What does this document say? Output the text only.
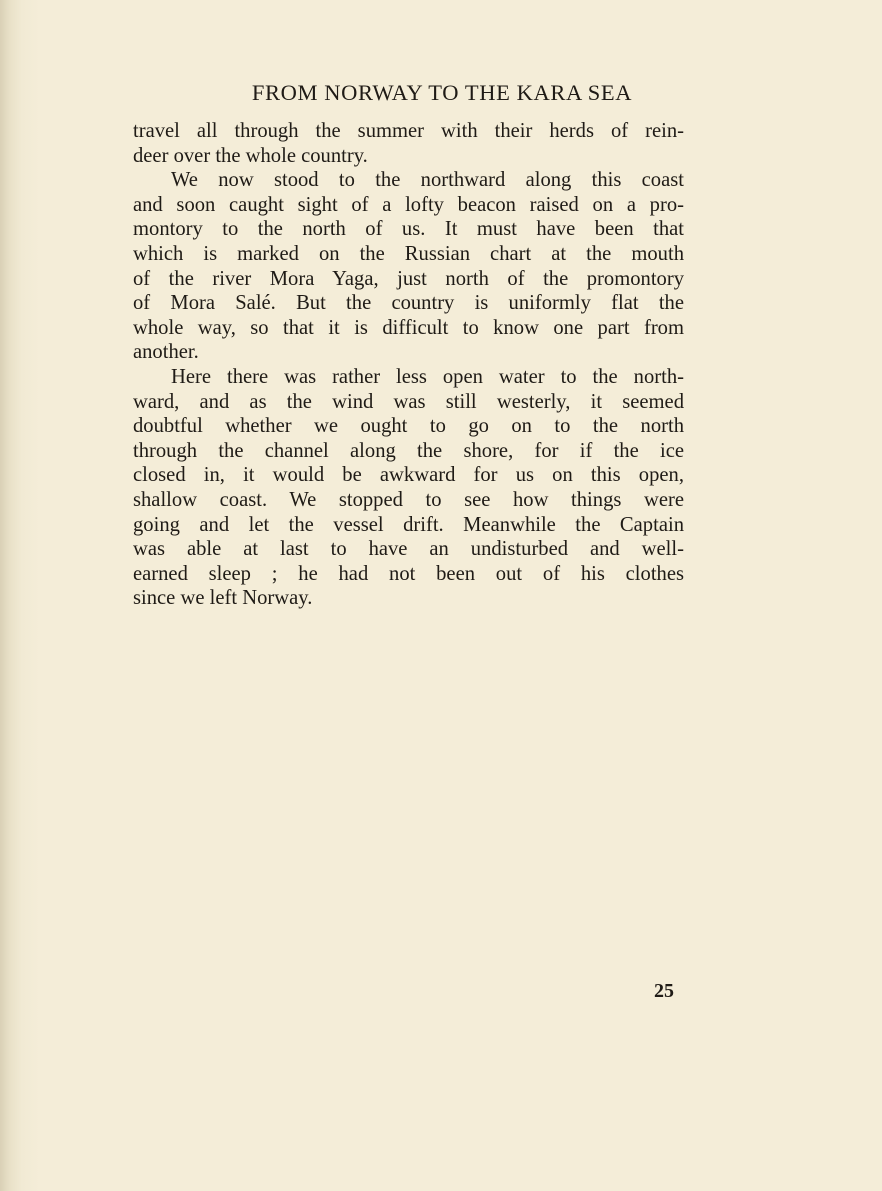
FROM NORWAY TO THE KARA SEA
travel all through the summer with their herds of rein-
deer over the whole country.
We now stood to the northward along this coast
and soon caught sight of a lofty beacon raised on a pro-
montory to the north of us. It must have been that
which is marked on the Russian chart at the mouth
of the river Mora Yaga, just north of the promontory
of Mora Salé. But the country is uniformly flat the
whole way, so that it is difficult to know one part from
another.
Here there was rather less open water to the north-
ward, and as the wind was still westerly, it seemed
doubtful whether we ought to go on to the north
through the channel along the shore, for if the ice
closed in, it would be awkward for us on this open,
shallow coast. We stopped to see how things were
going and let the vessel drift. Meanwhile the Captain
was able at last to have an undisturbed and well-
earned sleep ; he had not been out of his clothes
since we left Norway.
25
